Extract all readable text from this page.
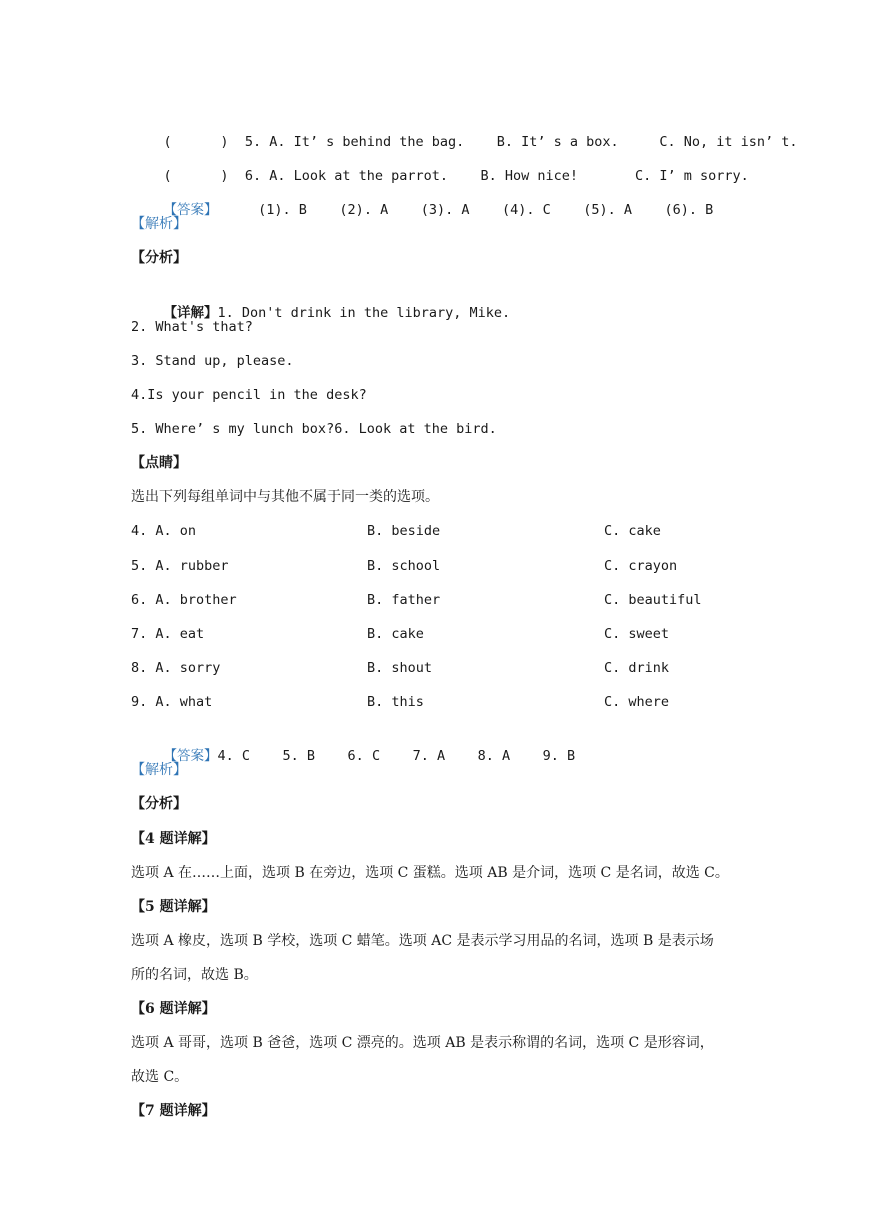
(      ) 5. A. It’ s behind the bag.    B. It’ s a box.     C. No, it isn’ t.

(      ) 6. A. Look at the parrot.    B. How nice!       C. I’ m sorry.

【答案】     (1). B    (2). A    (3). A    (4). C    (5). A    (6). B

【解析】
【分析】

【详解】1. Don't drink in the library, Mike.

2. What's that?
3. Stand up, please.
4.Is your pencil in the desk?
5. Where’ s my lunch box?6. Look at the bird.
【点睛】
选出下列每组单词中与其他不属于同一类的选项。
4. A. on	B. beside	C. cake
5. A. rubber	B. school	C. crayon
6. A. brother	B. father	C. beautiful
7. A. eat	B. cake	C. sweet
8. A. sorry	B. shout	C. drink
9. A. what	B. this	C. where

【答案】4. C    5. B    6. C    7. A    8. A    9. B

【解析】
【分析】
【4 题详解】
选项 A 在……上面，选项 B 在旁边，选项 C 蛋糕。选项 AB 是介词，选项 C 是名词，故选 C。
【5 题详解】
选项 A 橡皮，选项 B 学校，选项 C 蜡笔。选项 AC 是表示学习用品的名词，选项 B 是表示场
所的名词，故选 B。
【6 题详解】
选项 A 哥哥，选项 B 爸爸，选项 C 漂亮的。选项 AB 是表示称谓的名词，选项 C 是形容词，
故选 C。
【7 题详解】
